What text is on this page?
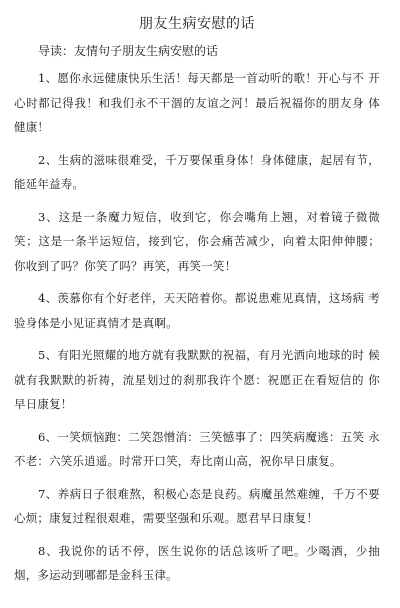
朋友生病安慰的话

导读：友情句子朋友生病安慰的话

1、愿你永远健康快乐生活！每天都是一首动听的歌！开心与不 开心时都记得我！和我们永不干涸的友谊之河！最后祝福你的朋友身 体健康！

2、生病的滋味很难受，千万要保重身体！身体健康，起居有节，能延年益寿。

3、这是一条魔力短信，收到它，你会嘴角上翘，对着镜子微微 笑；这是一条半运短信，接到它，你会痛苦减少，向着太阳伸伸腰； 你收到了吗？你笑了吗？再笑，再笑一笑！

4、羡慕你有个好老伴，天天陪着你。都说患难见真情，这场病 考验身体是小见证真情才是真啊。

5、有阳光照耀的地方就有我默默的祝福，有月光洒向地球的时 候就有我默默的祈祷，流星划过的刹那我许个愿：祝愿正在看短信的 你早日康复！

6、一笑烦恼跑：二笑怨憎消：三笑憾事了：四笑病魔逃：五笑 永不老：六笑乐逍遥。时常开口笑，寿比南山高，祝你早日康复。

7、养病日子很难熬，积极心态是良药。病魔虽然难缠，千万不要心烦；康复过程很艰难，需要坚强和乐观。愿君早日康复！

8、我说你的话不停，医生说你的话总该听了吧。少喝酒，少抽 烟，多运动到哪都是金科玉律。
